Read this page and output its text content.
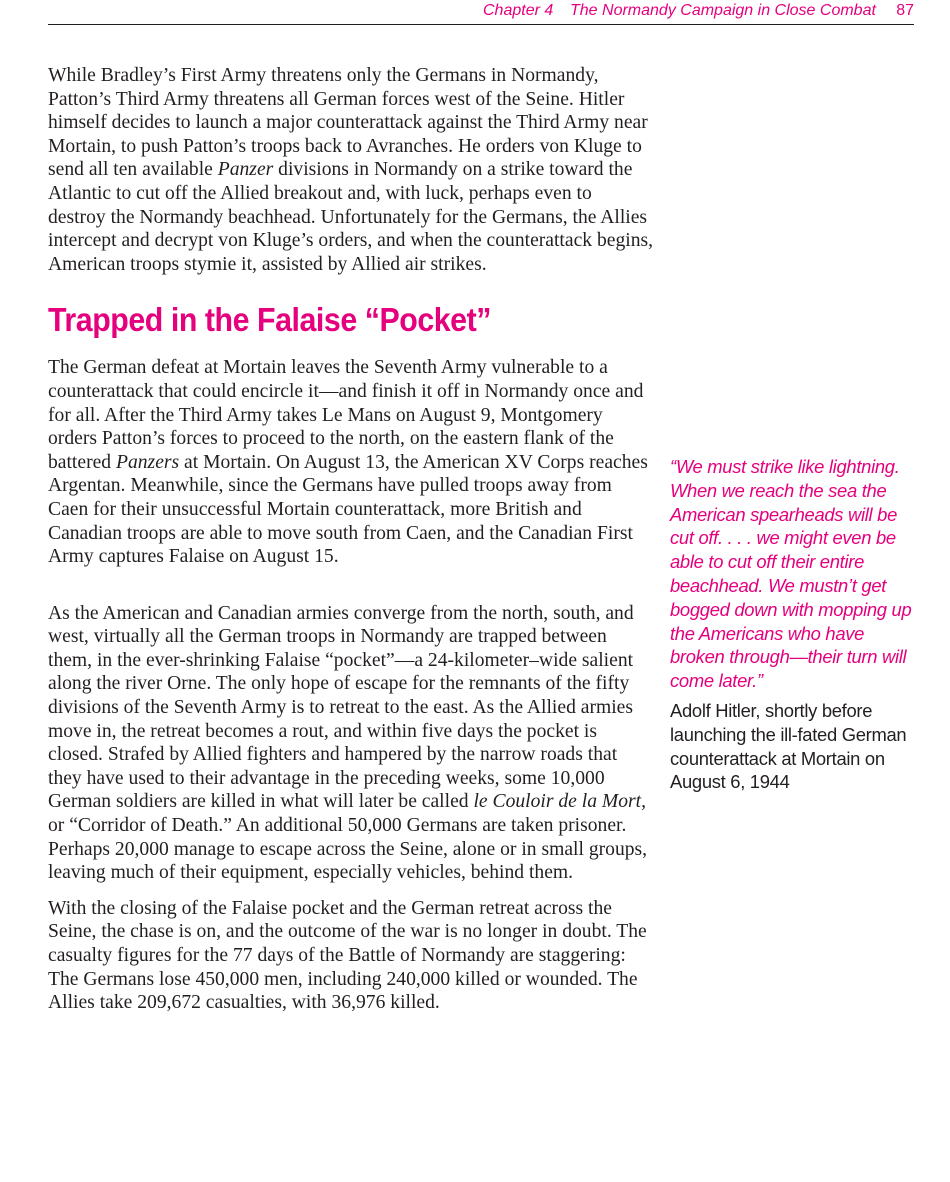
Chapter 4 The Normandy Campaign in Close Combat 87

While Bradley’s First Army threatens only the Germans in Normandy, Patton’s Third Army threatens all German forces west of the Seine. Hitler himself decides to launch a major counterattack against the Third Army near Mortain, to push Patton’s troops back to Avranches. He orders von Kluge to send all ten available Panzer divisions in Normandy on a strike toward the Atlantic to cut off the Allied breakout and, with luck, perhaps even to destroy the Normandy beachhead. Unfortunately for the Germans, the Allies intercept and decrypt von Kluge’s orders, and when the counterattack begins, American troops stymie it, assisted by Allied air strikes.

Trapped in the Falaise “Pocket”

The German defeat at Mortain leaves the Seventh Army vulnerable to a counterattack that could encircle it—and finish it off in Normandy once and for all. After the Third Army takes Le Mans on August 9, Montgomery orders Patton’s forces to proceed to the north, on the eastern flank of the battered Panzers at Mortain. On August 13, the American XV Corps reaches Argentan. Meanwhile, since the Germans have pulled troops away from Caen for their unsuccessful Mortain counterattack, more British and Canadian troops are able to move south from Caen, and the Canadian First Army captures Falaise on August 15.

As the American and Canadian armies converge from the north, south, and west, virtually all the German troops in Normandy are trapped between them, in the ever-shrinking Falaise “pocket”—a 24-kilometer–wide salient along the river Orne. The only hope of escape for the remnants of the fifty divisions of the Seventh Army is to retreat to the east. As the Allied armies move in, the retreat becomes a rout, and within five days the pocket is closed. Strafed by Allied fighters and hampered by the narrow roads that they have used to their advantage in the preceding weeks, some 10,000 German soldiers are killed in what will later be called le Couloir de la Mort, or “Corridor of Death.” An additional 50,000 Germans are taken prisoner. Perhaps 20,000 manage to escape across the Seine, alone or in small groups, leaving much of their equipment, especially vehicles, behind them.

With the closing of the Falaise pocket and the German retreat across the Seine, the chase is on, and the outcome of the war is no longer in doubt. The casualty figures for the 77 days of the Battle of Normandy are staggering: The Germans lose 450,000 men, including 240,000 killed or wounded. The Allies take 209,672 casualties, with 36,976 killed.

“We must strike like lightning. When we reach the sea the American spearheads will be cut off. . . . we might even be able to cut off their entire beachhead. We mustn’t get bogged down with mopping up the Americans who have broken through—their turn will come later.”

Adolf Hitler, shortly before launching the ill-fated German counterattack at Mortain on August 6, 1944
